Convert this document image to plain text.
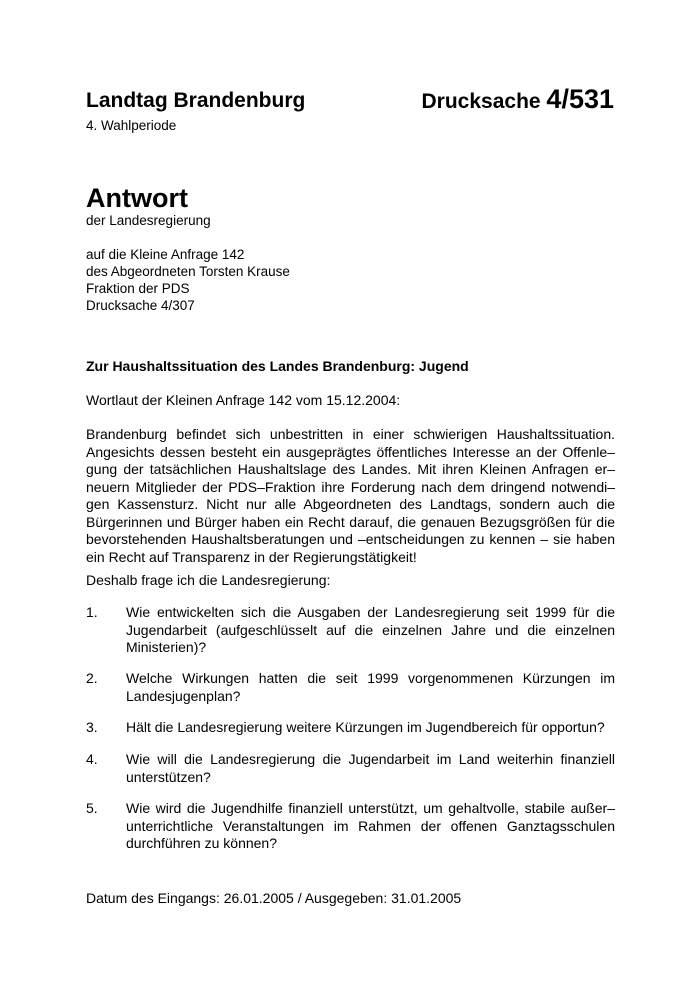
Landtag Brandenburg	Drucksache 4/531
4. Wahlperiode
Antwort
der Landesregierung
auf die Kleine Anfrage 142
des Abgeordneten Torsten Krause
Fraktion der PDS
Drucksache 4/307
Zur Haushaltssituation des Landes Brandenburg: Jugend
Wortlaut der Kleinen Anfrage 142 vom 15.12.2004:
Brandenburg befindet sich unbestritten in einer schwierigen Haushaltssituation.
Angesichts dessen besteht ein ausgeprägtes öffentliches Interesse an der Offenle–
gung der tatsächlichen Haushaltslage des Landes. Mit ihren Kleinen Anfragen er–
neuern Mitglieder der PDS–Fraktion ihre Forderung nach dem dringend notwendi–
gen Kassensturz. Nicht nur alle Abgeordneten des Landtags, sondern auch die
Bürgerinnen und Bürger haben ein Recht darauf, die genauen Bezugsgrößen für die
bevorstehenden Haushaltsberatungen und –entscheidungen zu kennen – sie haben
ein Recht auf Transparenz in der Regierungstätigkeit!
Deshalb frage ich die Landesregierung:
1. Wie entwickelten sich die Ausgaben der Landesregierung seit 1999 für die
Jugendarbeit (aufgeschlüsselt auf die einzelnen Jahre und die einzelnen
Ministerien)?
2. Welche Wirkungen hatten die seit 1999 vorgenommenen Kürzungen im
Landesjugenplan?
3. Hält die Landesregierung weitere Kürzungen im Jugendbereich für opportun?
4. Wie will die Landesregierung die Jugendarbeit im Land weiterhin finanziell
unterstützen?
5. Wie wird die Jugendhilfe finanziell unterstützt, um gehaltvolle, stabile außer–
unterrichtliche Veranstaltungen im Rahmen der offenen Ganztagsschulen
durchführen zu können?
Datum des Eingangs: 26.01.2005 / Ausgegeben: 31.01.2005
